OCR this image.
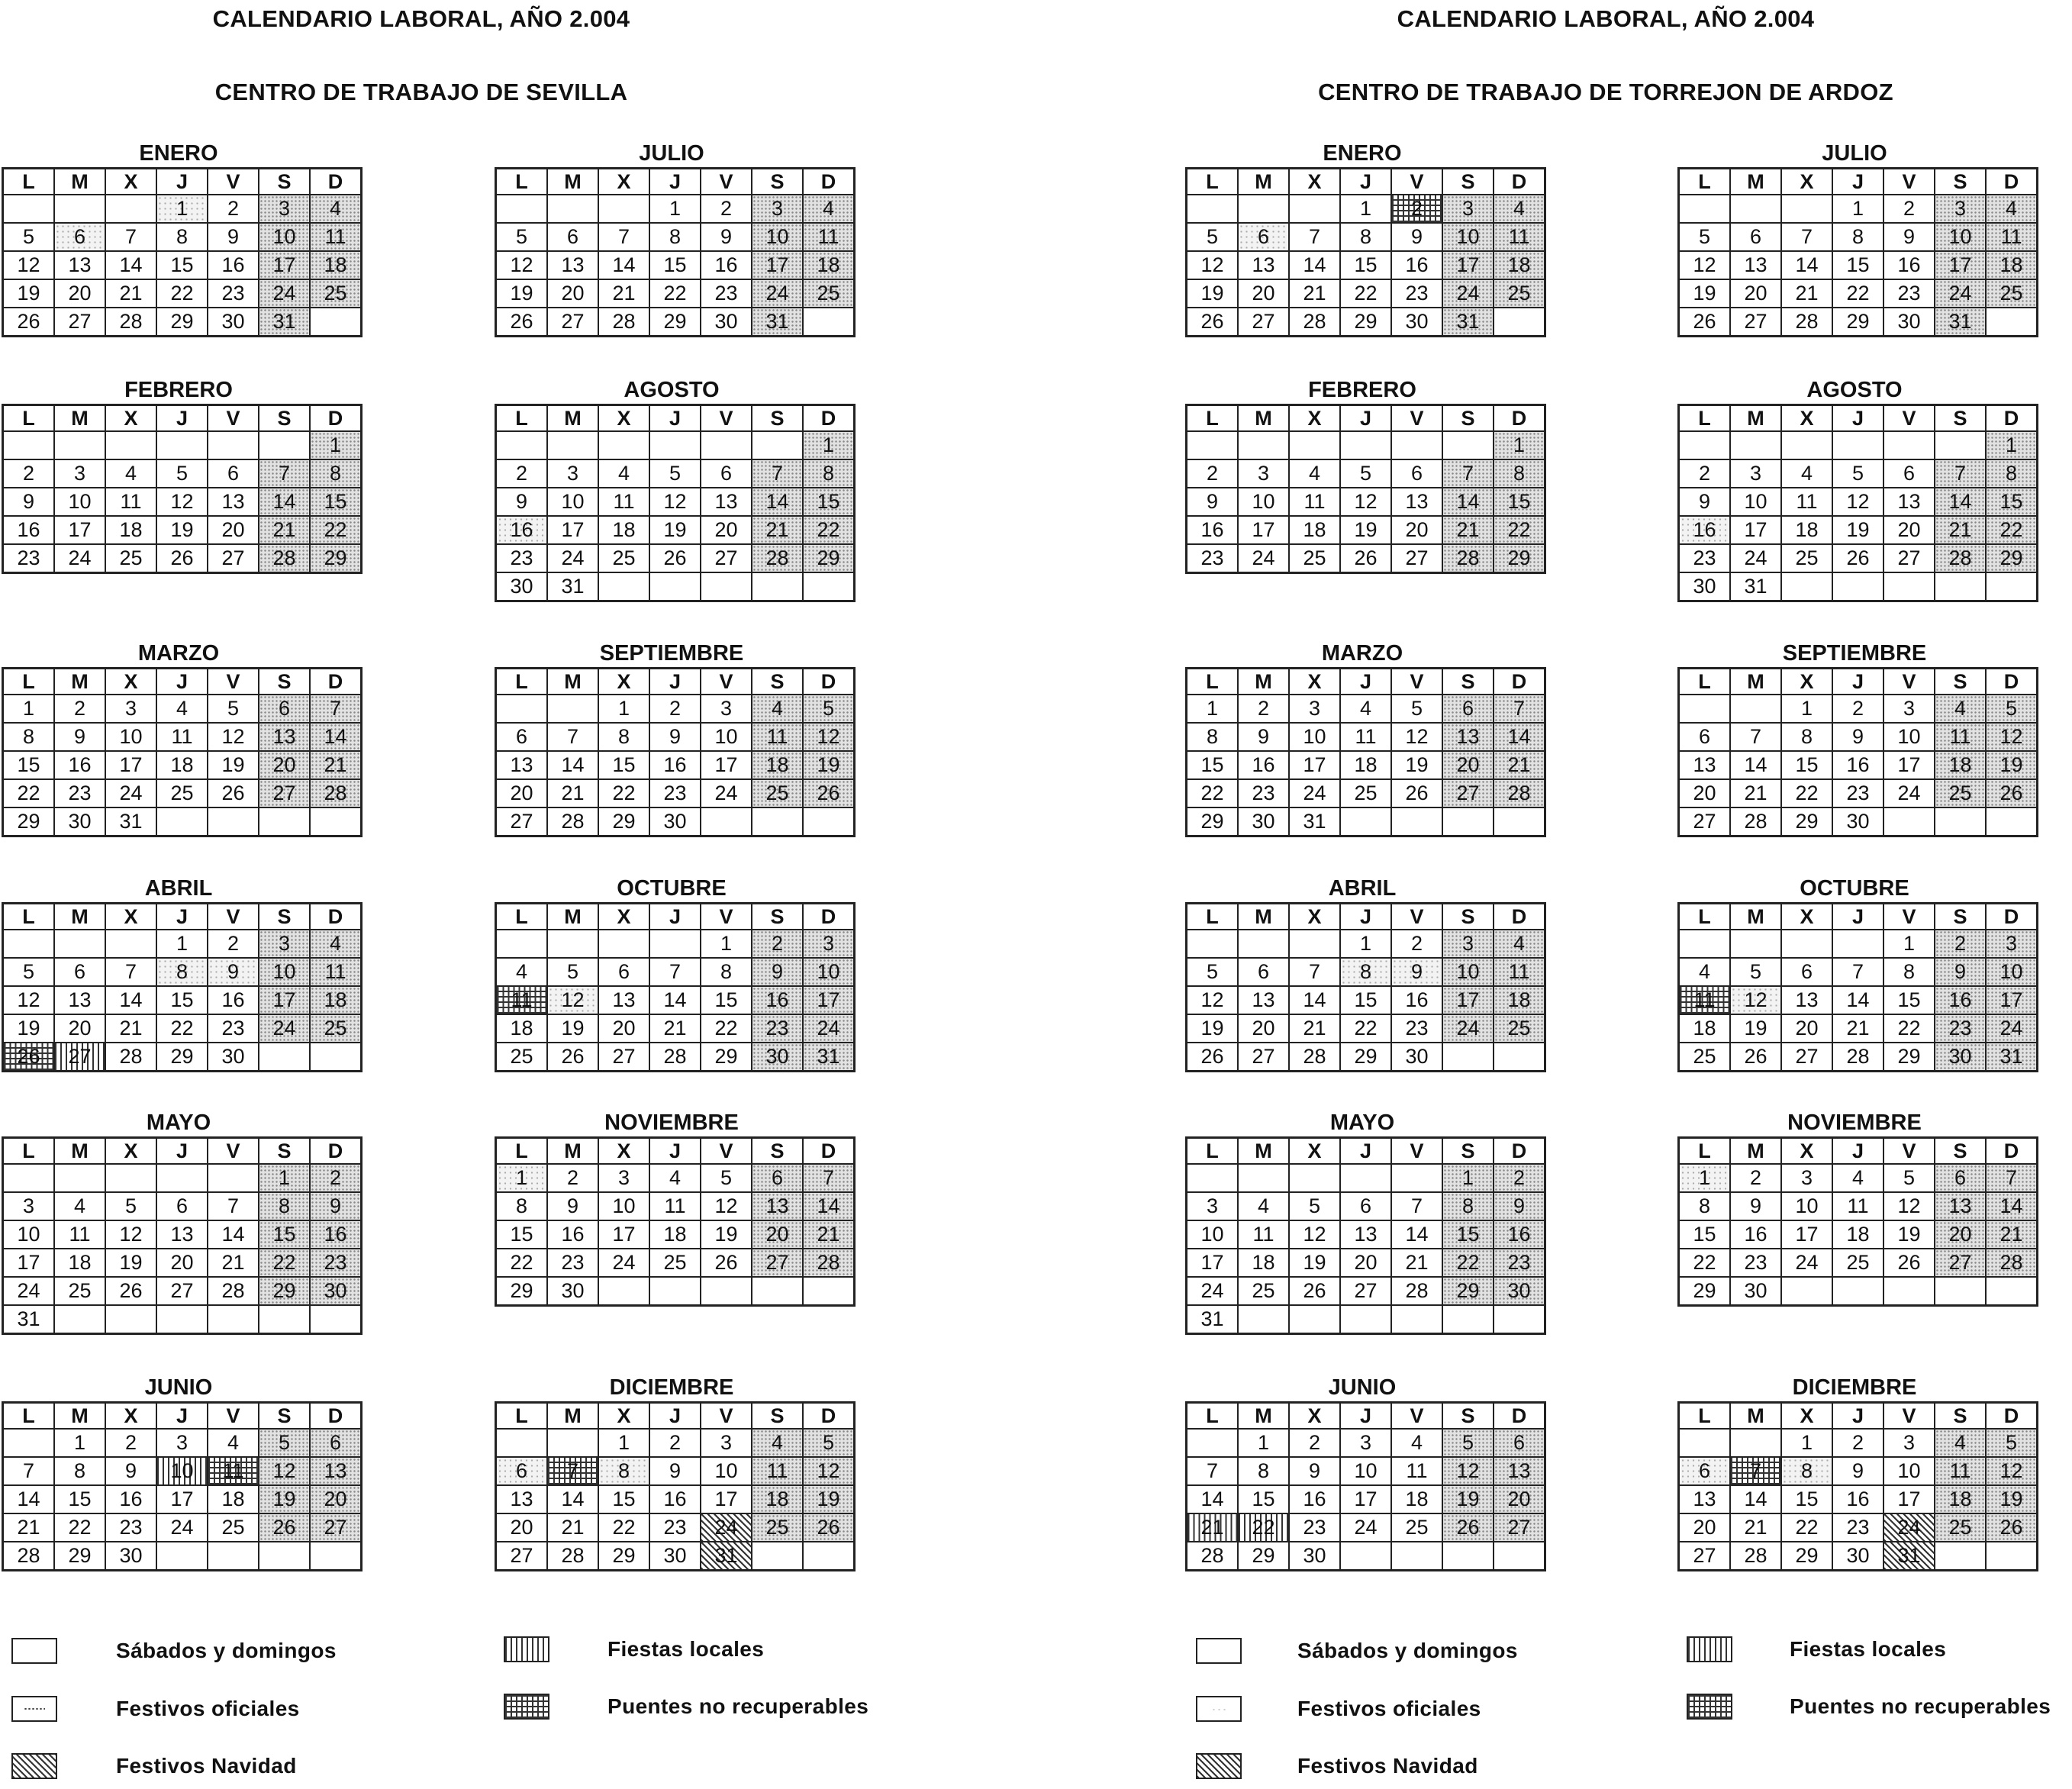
CALENDARIO LABORAL, AÑO 2.004
CENTRO DE TRABAJO DE SEVILLA
CALENDARIO LABORAL, AÑO 2.004
CENTRO DE TRABAJO DE TORREJON DE ARDOZ
ENERO
L	M	X	J	V	S	D
			1	2	3	4
5	6	7	8	9	10	11
12	13	14	15	16	17	18
19	20	21	22	23	24	25
26	27	28	29	30	31	
FEBRERO
L	M	X	J	V	S	D
						1
2	3	4	5	6	7	8
9	10	11	12	13	14	15
16	17	18	19	20	21	22
23	24	25	26	27	28	29
MARZO
L	M	X	J	V	S	D
1	2	3	4	5	6	7
8	9	10	11	12	13	14
15	16	17	18	19	20	21
22	23	24	25	26	27	28
29	30	31				
ABRIL
L	M	X	J	V	S	D
			1	2	3	4
5	6	7	8	9	10	11
12	13	14	15	16	17	18
19	20	21	22	23	24	25
26	27	28	29	30		
MAYO
L	M	X	J	V	S	D
					1	2
3	4	5	6	7	8	9
10	11	12	13	14	15	16
17	18	19	20	21	22	23
24	25	26	27	28	29	30
31						
JUNIO
L	M	X	J	V	S	D
	1	2	3	4	5	6
7	8	9	10	11	12	13
14	15	16	17	18	19	20
21	22	23	24	25	26	27
28	29	30				
JULIO
L	M	X	J	V	S	D
			1	2	3	4
5	6	7	8	9	10	11
12	13	14	15	16	17	18
19	20	21	22	23	24	25
26	27	28	29	30	31	
AGOSTO
L	M	X	J	V	S	D
						1
2	3	4	5	6	7	8
9	10	11	12	13	14	15
16	17	18	19	20	21	22
23	24	25	26	27	28	29
30	31					
SEPTIEMBRE
L	M	X	J	V	S	D
		1	2	3	4	5
6	7	8	9	10	11	12
13	14	15	16	17	18	19
20	21	22	23	24	25	26
27	28	29	30			
OCTUBRE
L	M	X	J	V	S	D
				1	2	3
4	5	6	7	8	9	10
11	12	13	14	15	16	17
18	19	20	21	22	23	24
25	26	27	28	29	30	31
NOVIEMBRE
L	M	X	J	V	S	D
1	2	3	4	5	6	7
8	9	10	11	12	13	14
15	16	17	18	19	20	21
22	23	24	25	26	27	28
29	30					
DICIEMBRE
L	M	X	J	V	S	D
		1	2	3	4	5
6	7	8	9	10	11	12
13	14	15	16	17	18	19
20	21	22	23	24	25	26
27	28	29	30	31		
ENERO
L	M	X	J	V	S	D
			1	2	3	4
5	6	7	8	9	10	11
12	13	14	15	16	17	18
19	20	21	22	23	24	25
26	27	28	29	30	31	
FEBRERO
L	M	X	J	V	S	D
						1
2	3	4	5	6	7	8
9	10	11	12	13	14	15
16	17	18	19	20	21	22
23	24	25	26	27	28	29
MARZO
L	M	X	J	V	S	D
1	2	3	4	5	6	7
8	9	10	11	12	13	14
15	16	17	18	19	20	21
22	23	24	25	26	27	28
29	30	31				
ABRIL
L	M	X	J	V	S	D
			1	2	3	4
5	6	7	8	9	10	11
12	13	14	15	16	17	18
19	20	21	22	23	24	25
26	27	28	29	30		
MAYO
L	M	X	J	V	S	D
					1	2
3	4	5	6	7	8	9
10	11	12	13	14	15	16
17	18	19	20	21	22	23
24	25	26	27	28	29	30
31						
JUNIO
L	M	X	J	V	S	D
	1	2	3	4	5	6
7	8	9	10	11	12	13
14	15	16	17	18	19	20
21	22	23	24	25	26	27
28	29	30				
JULIO
L	M	X	J	V	S	D
			1	2	3	4
5	6	7	8	9	10	11
12	13	14	15	16	17	18
19	20	21	22	23	24	25
26	27	28	29	30	31	
AGOSTO
L	M	X	J	V	S	D
						1
2	3	4	5	6	7	8
9	10	11	12	13	14	15
16	17	18	19	20	21	22
23	24	25	26	27	28	29
30	31					
SEPTIEMBRE
L	M	X	J	V	S	D
		1	2	3	4	5
6	7	8	9	10	11	12
13	14	15	16	17	18	19
20	21	22	23	24	25	26
27	28	29	30			
OCTUBRE
L	M	X	J	V	S	D
				1	2	3
4	5	6	7	8	9	10
11	12	13	14	15	16	17
18	19	20	21	22	23	24
25	26	27	28	29	30	31
NOVIEMBRE
L	M	X	J	V	S	D
1	2	3	4	5	6	7
8	9	10	11	12	13	14
15	16	17	18	19	20	21
22	23	24	25	26	27	28
29	30					
DICIEMBRE
L	M	X	J	V	S	D
		1	2	3	4	5
6	7	8	9	10	11	12
13	14	15	16	17	18	19
20	21	22	23	24	25	26
27	28	29	30	31		
Sábados y domingos
Festivos oficiales
Festivos Navidad
Fiestas locales
Puentes no recuperables
Sábados y domingos
Festivos oficiales
Festivos Navidad
Fiestas locales
Puentes no recuperables
